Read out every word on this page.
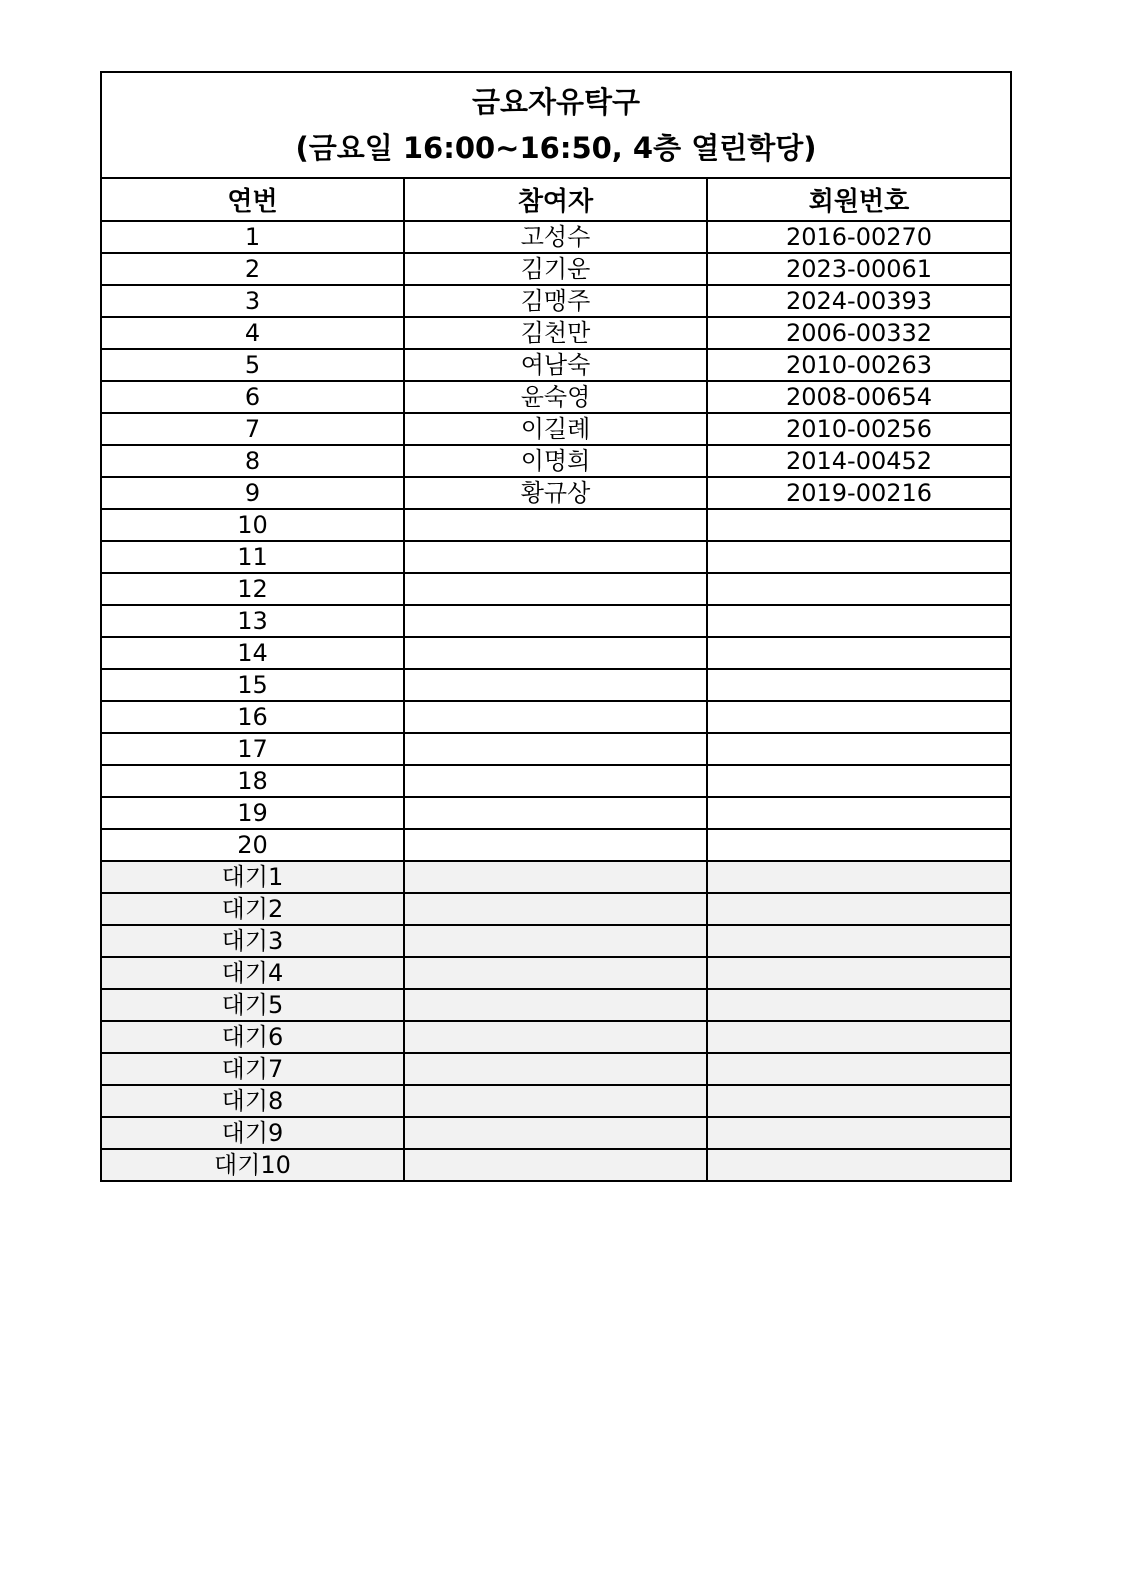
금요자유탁구
(금요일 16:00~16:50, 4층 열린학당)		

연번	참여자	회원번호
1	고성수	2016-00270
2	김기운	2023-00061
3	김맹주	2024-00393
4	김천만	2006-00332
5	여남숙	2010-00263
6	윤숙영	2008-00654
7	이길례	2010-00256
8	이명희	2014-00452
9	황규상	2019-00216
10		
11		
12		
13		
14		
15		
16		
17		
18		
19		
20		
대기1		
대기2		
대기3		
대기4		
대기5		
대기6		
대기7		
대기8		
대기9		
대기10		
